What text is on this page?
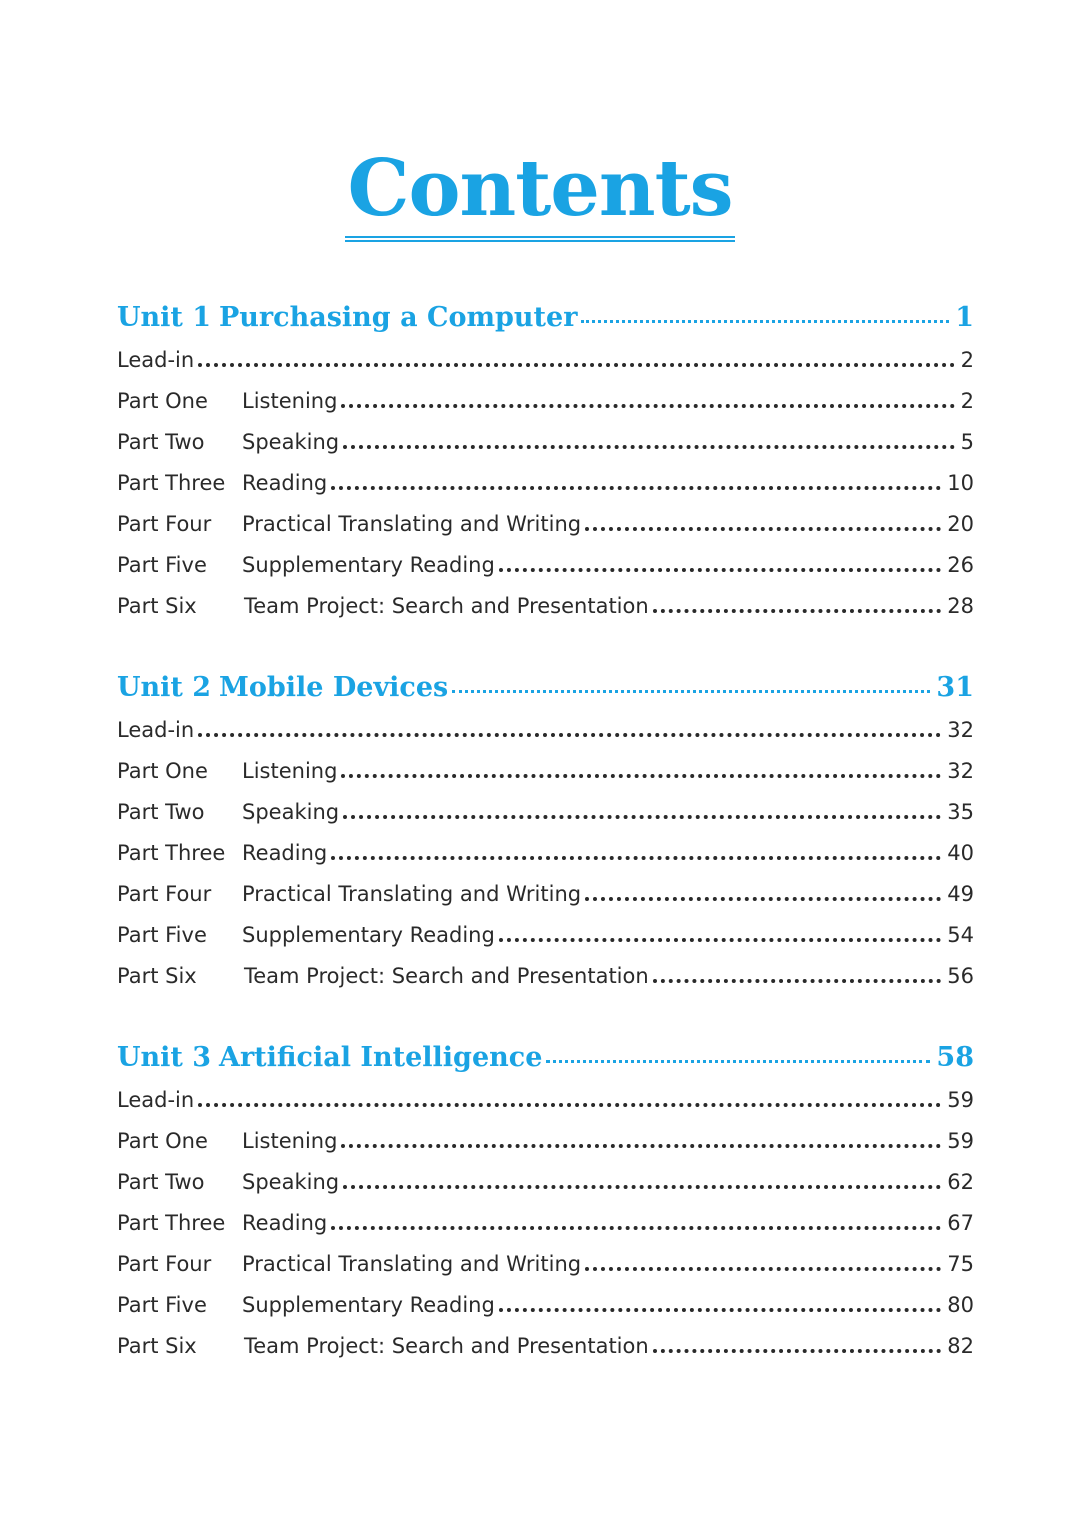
Contents
Unit 1 Purchasing a Computer	1
Lead-in	2
Part One	Listening	2
Part Two	Speaking	5
Part Three Reading	10
Part Four	Practical Translating and Writing	20
Part Five	Supplementary Reading	26
Part Six	Team Project: Search and Presentation	28
Unit 2 Mobile Devices	31
Lead-in	32
Part One	Listening	32
Part Two	Speaking	35
Part Three Reading	40
Part Four	Practical Translating and Writing	49
Part Five	Supplementary Reading	54
Part Six	Team Project: Search and Presentation	56
Unit 3 Artificial Intelligence	58
Lead-in	59
Part One	Listening	59
Part Two	Speaking	62
Part Three Reading	67
Part Four	Practical Translating and Writing	75
Part Five	Supplementary Reading	80
Part Six	Team Project: Search and Presentation	82
